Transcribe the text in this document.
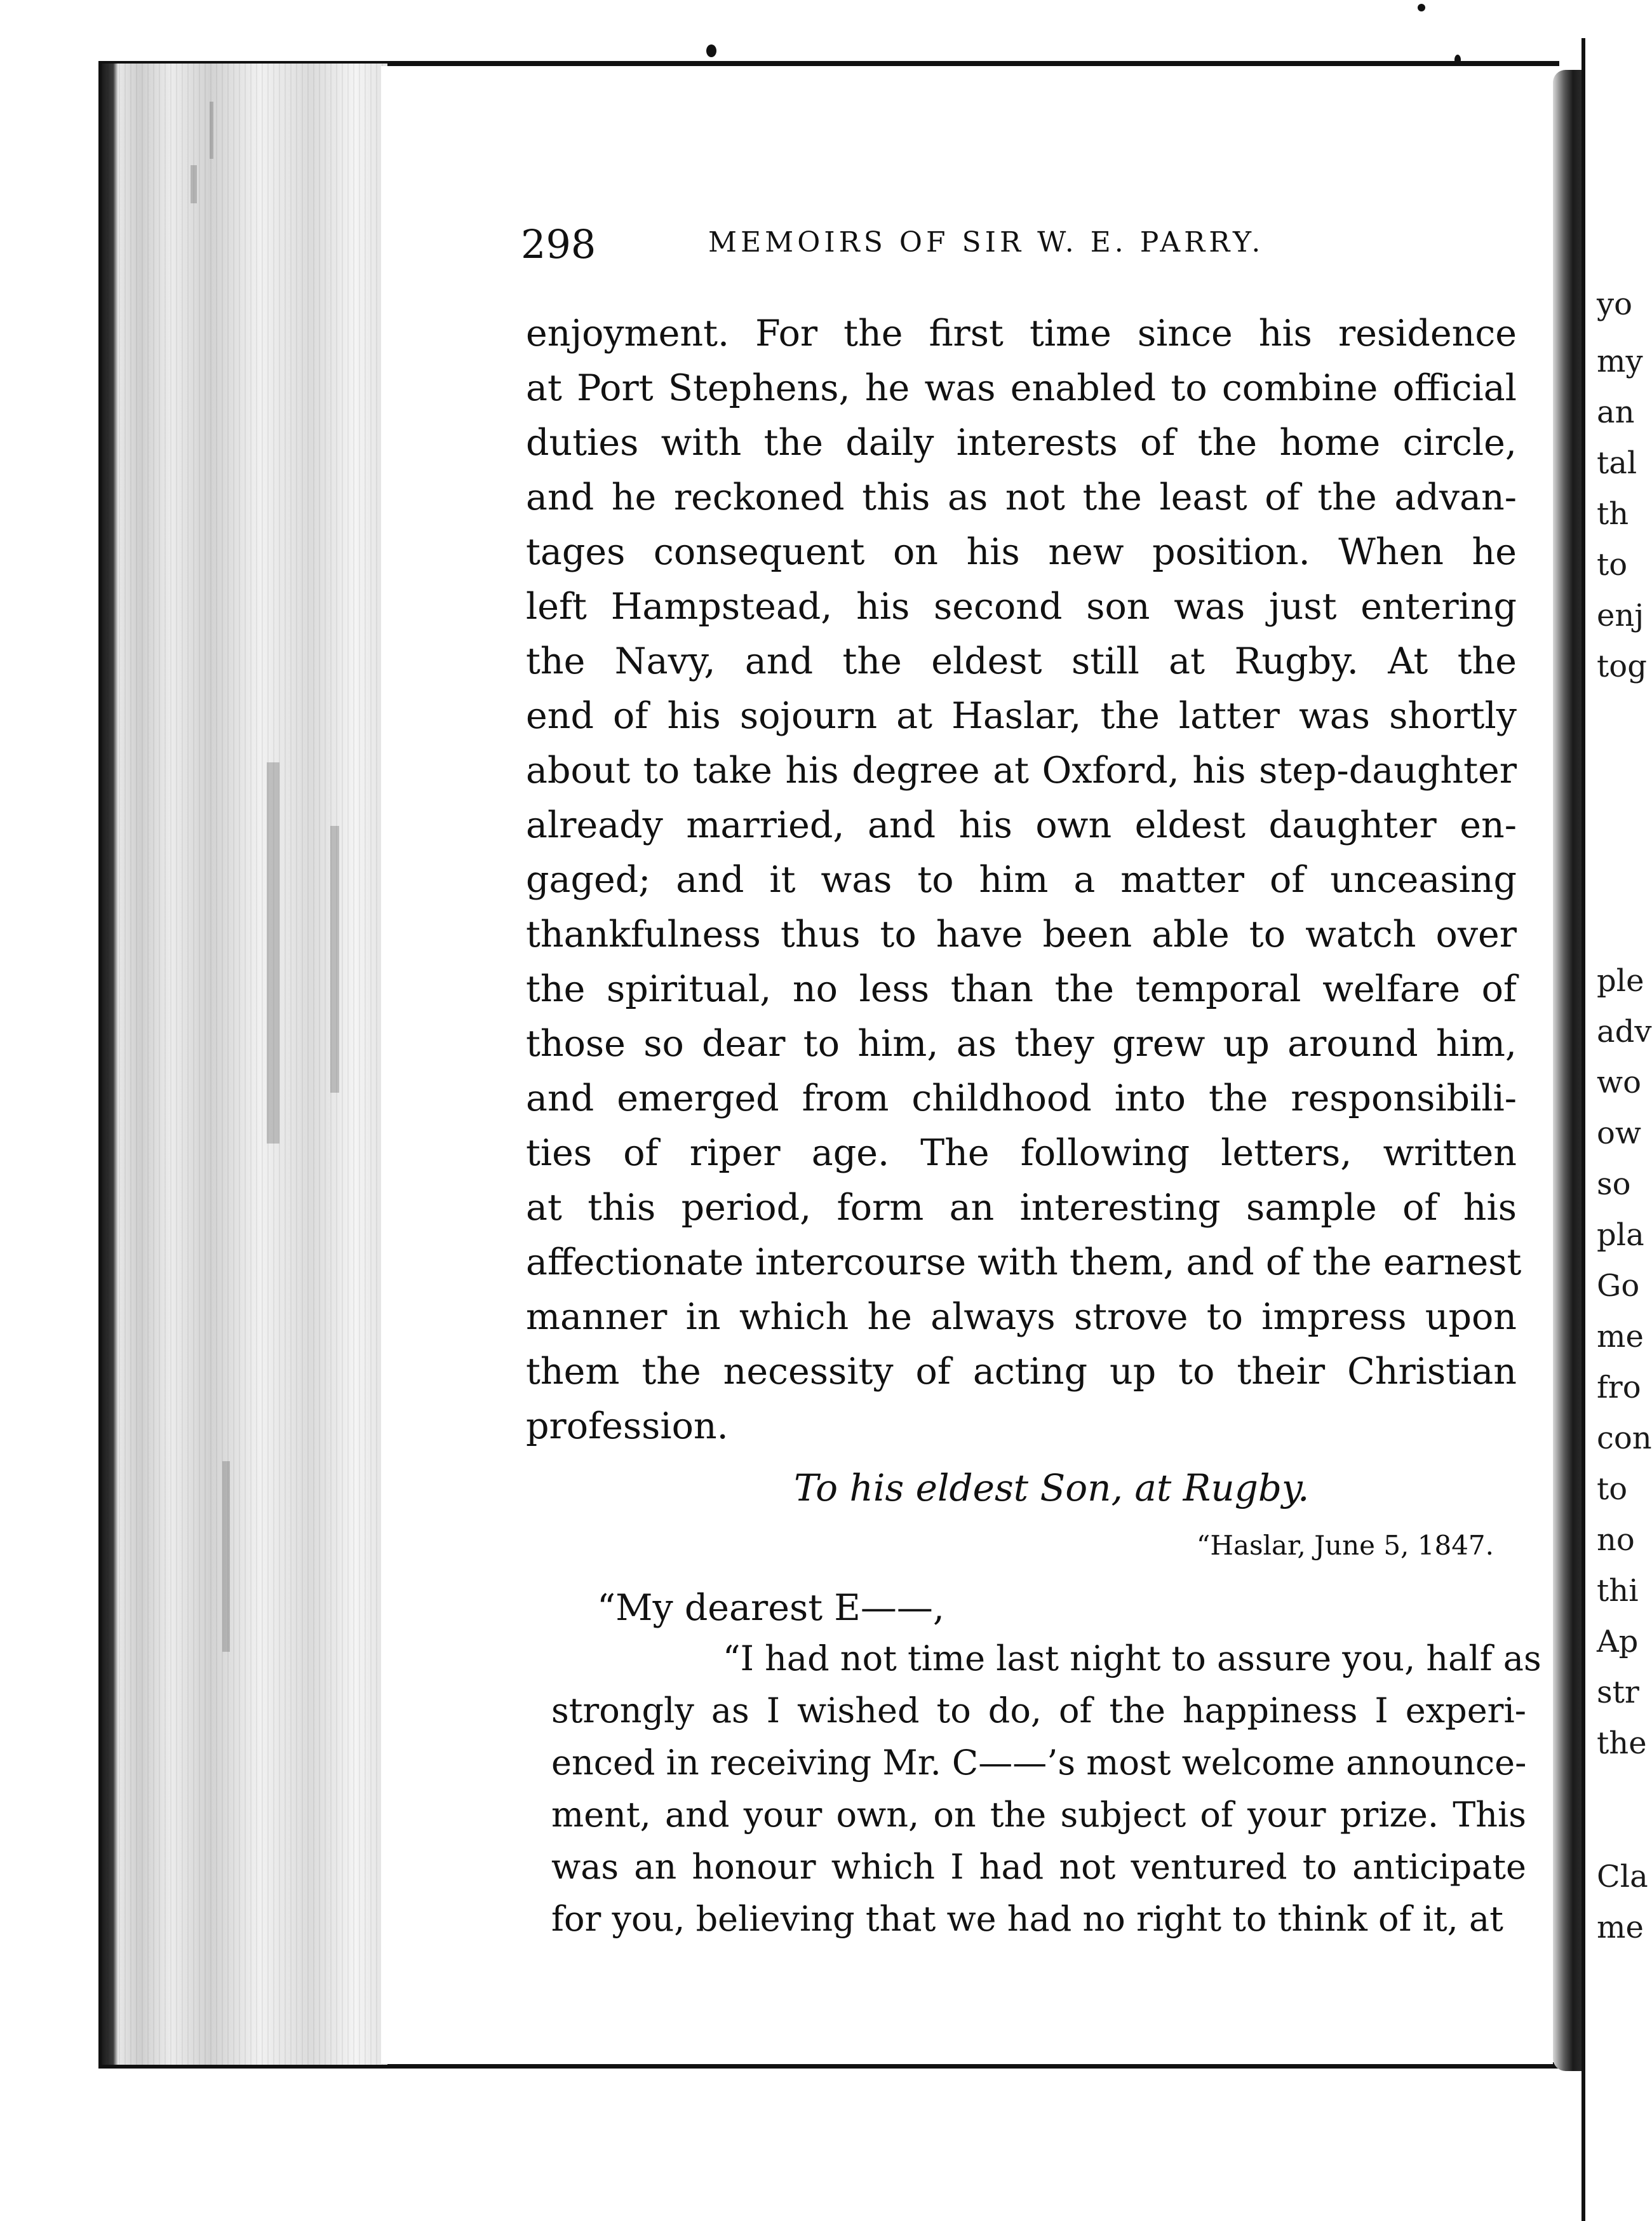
yo
my
an
tal
th
to
enj
tog
ple
adv
wo
ow
so
pla
Go
me
fro
con
to
no
thi
Ap
str
the
Cla
me
298	MEMOIRS OF SIR W. E. PARRY.
enjoyment. For the first time since his residence
at Port Stephens, he was enabled to combine official
duties with the daily interests of the home circle,
and he reckoned this as not the least of the advan-
tages consequent on his new position. When he
left Hampstead, his second son was just entering
the Navy, and the eldest still at Rugby. At the
end of his sojourn at Haslar, the latter was shortly
about to take his degree at Oxford, his step-daughter
already married, and his own eldest daughter en-
gaged; and it was to him a matter of unceasing
thankfulness thus to have been able to watch over
the spiritual, no less than the temporal welfare of
those so dear to him, as they grew up around him,
and emerged from childhood into the responsibili-
ties of riper age. The following letters, written
at this period, form an interesting sample of his
affectionate intercourse with them, and of the earnest
manner in which he always strove to impress upon
them the necessity of acting up to their Christian
profession.
To his eldest Son, at Rugby.
“Haslar, June 5, 1847.
“My dearest E——,
“I had not time last night to assure you, half as
strongly as I wished to do, of the happiness I experi-
enced in receiving Mr. C——’s most welcome announce-
ment, and your own, on the subject of your prize. This
was an honour which I had not ventured to anticipate
for you, believing that we had no right to think of it, at
